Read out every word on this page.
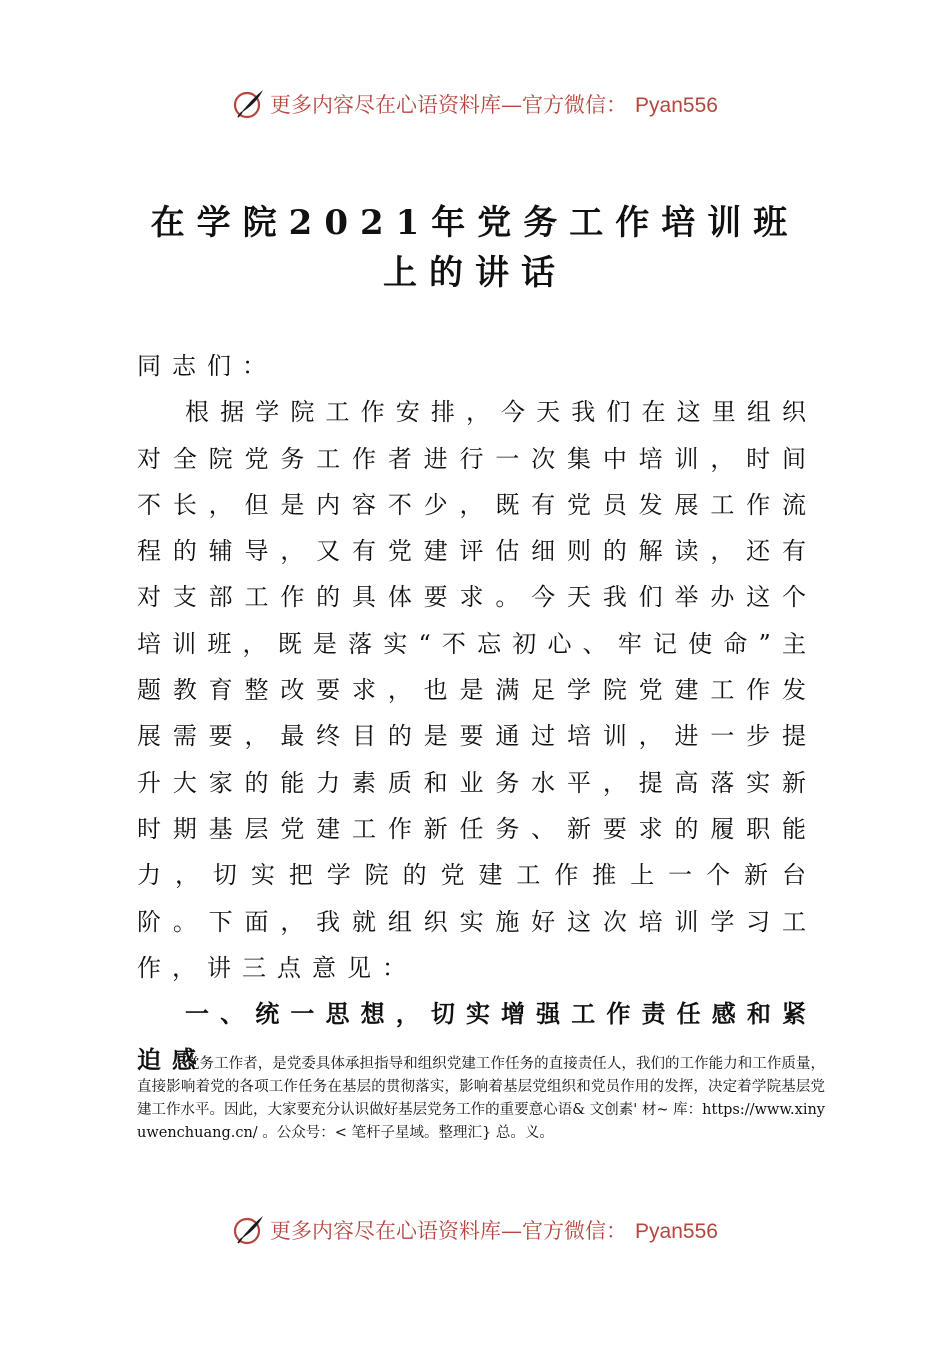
更多内容尽在心语资料库—官方微信： Pyan556
在学院2021年党务工作培训班
上的讲话

同志们：

根据学院工作安排，今天我们在这里组织对全院党务工作者进行一次集中培训，时间不长，但是内容不少，既有党员发展工作流程的辅导，又有党建评估细则的解读，还有对支部工作的具体要求。今天我们举办这个培训班，既是落实“不忘初心、牢记使命”主题教育整改要求，也是满足学院党建工作发展需要，最终目的是要通过培训，进一步提升大家的能力素质和业务水平，提高落实新时期基层党建工作新任务、新要求的履职能力，切实把学院的党建工作推上一个新台阶。下面，我就组织实施好这次培训学习工作，讲三点意见：

一、统一思想，切实增强工作责任感和紧迫感

党务工作者，是党委具体承担指导和组织党建工作任务的直接责任人，我们的工作能力和工作质量，直接影响着党的各项工作任务在基层的贯彻落实，影响着基层党组织和党员作用的发挥，决定着学院基层党建工作水平。因此，大家要充分认识做好基层党务工作的重要意心语& 文创素' 材~ 库：https://www.xinyuwenchuang.cn/ 。公众号：< 笔杆子星域。整理汇} 总。义。

更多内容尽在心语资料库—官方微信： Pyan556
